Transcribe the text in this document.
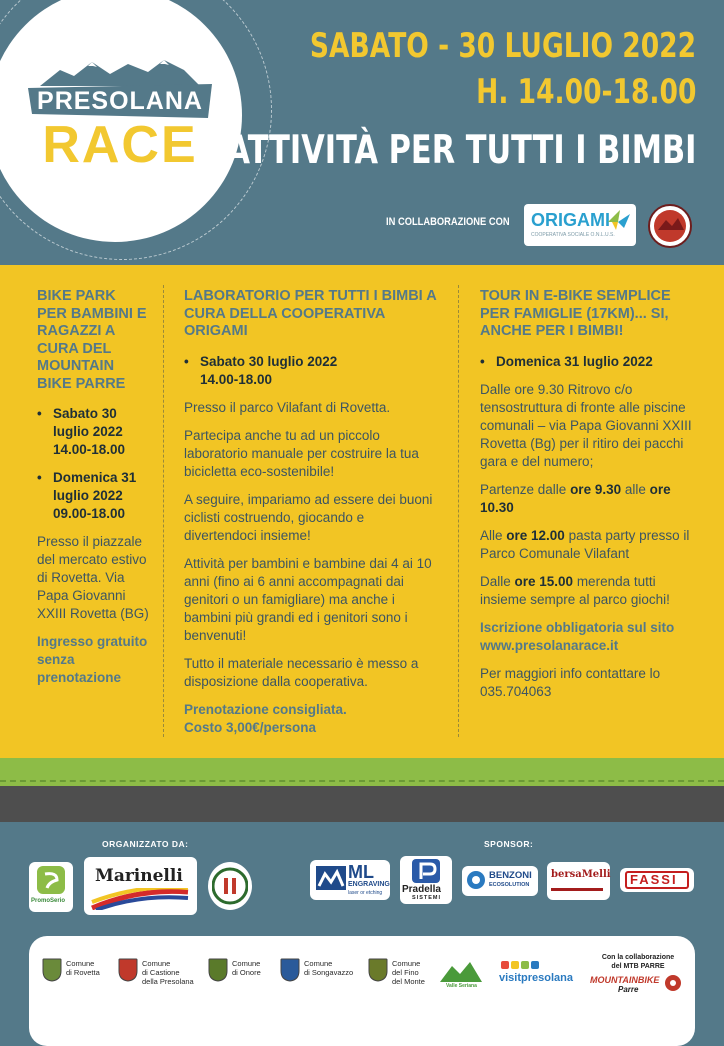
PRESOLANA
RACE
SABATO - 30 LUGLIO 2022
H. 14.00-18.00
ATTIVITÀ PER TUTTI I BIMBI
IN COLLABORAZIONE CON ORIGAMI
COOPERATIVA SOCIALE O.N.L.U.S.
BIKE PARK PER BAMBINI E RAGAZZI A CURA DEL MOUNTAIN BIKE PARRE
• Sabato 30 luglio 2022
14.00-18.00
• Domenica 31 luglio 2022
09.00-18.00

Presso il piazzale del mercato estivo di Rovetta. Via Papa Giovanni XXIII Rovetta (BG)

Ingresso gratuito senza prenotazione

LABORATORIO PER TUTTI I BIMBI A CURA DELLA COOPERATIVA ORIGAMI
• Sabato 30 luglio 2022
14.00-18.00

Presso il parco Vilafant di Rovetta.

Partecipa anche tu ad un piccolo laboratorio manuale per costruire la tua bicicletta eco-sostenibile!

A seguire, impariamo ad essere dei buoni ciclisti costruendo, giocando e divertendoci insieme!

Attività per bambini e bambine dai 4 ai 10 anni (fino ai 6 anni accompagnati dai genitori o un famigliare) ma anche i bambini più grandi ed i genitori sono i benvenuti!

Tutto il materiale necessario è messo a disposizione dalla cooperativa.

Prenotazione consigliata.
Costo 3,00€/persona

TOUR IN E-BIKE SEMPLICE PER FAMIGLIE (17KM)... SI, ANCHE PER I BIMBI!
• Domenica 31 luglio 2022

Dalle ore 9.30 Ritrovo c/o tensostruttura di fronte alle piscine comunali – via Papa Giovanni XXIII Rovetta (Bg) per il ritiro dei pacchi gara e del numero;

Partenze dalle ore 9.30 alle ore 10.30

Alle ore 12.00 pasta party presso il Parco Comunale Vilafant

Dalle ore 15.00 merenda tutti insieme sempre al parco giochi!

Iscrizione obbligatoria sul sito
www.presolanarace.it

Per maggiori info contattare lo 035.704063

ORGANIZZATO DA:	SPONSOR:
PromoSerio
Marinelli	ML
ENGRAVING
laser or etching Pradella
SISTEMI
BENZONI
ECOSOLUTION
bersaMelli FASSI
Comune
di Rovetta
Comune
di Castione
della Presolana
Comune
di Onore
Comune
di Songavazzo
Comune
del Fino
del Monte	Valle Seriana
visitpresolana
Con la collaborazione del MTB PARRE
MOUNTAINBIKE
Parre
